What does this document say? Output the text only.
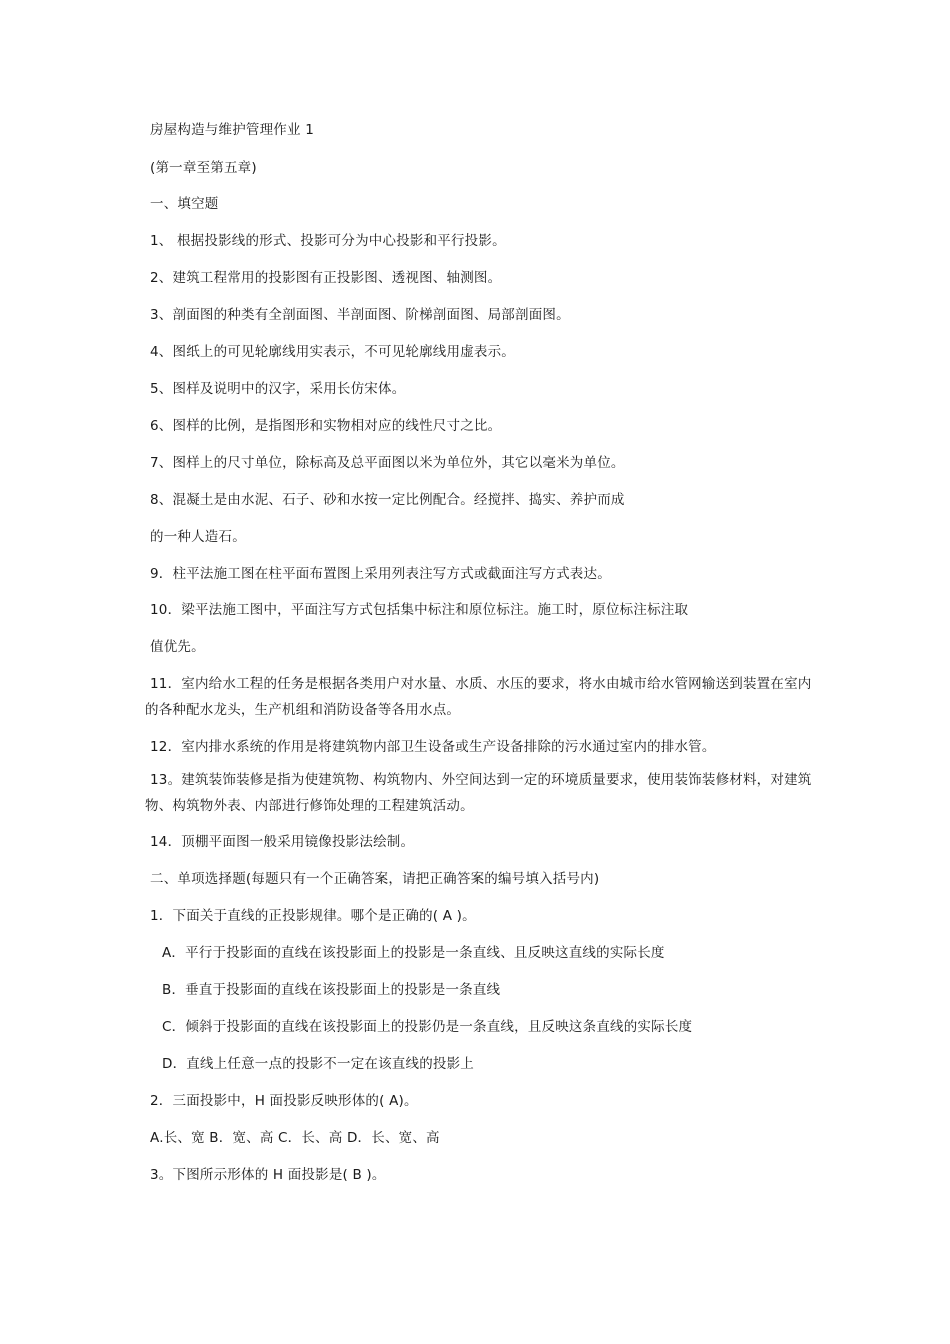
房屋构造与维护管理作业 1
(第一章至第五章)
一、填空题
1、 根据投影线的形式、投影可分为中心投影和平行投影。
2、建筑工程常用的投影图有正投影图、透视图、轴测图。
3、剖面图的种类有全剖面图、半剖面图、阶梯剖面图、局部剖面图。
4、图纸上的可见轮廓线用实表示，不可见轮廓线用虚表示。
5、图样及说明中的汉字，采用长仿宋体。
6、图样的比例，是指图形和实物相对应的线性尺寸之比。
7、图样上的尺寸单位，除标高及总平面图以米为单位外，其它以毫米为单位。
8、混凝土是由水泥、石子、砂和水按一定比例配合。经搅拌、捣实、养护而成
的一种人造石。
9．柱平法施工图在柱平面布置图上采用列表注写方式或截面注写方式表达。
10．梁平法施工图中，平面注写方式包括集中标注和原位标注。施工时，原位标注标注取
值优先。
11．室内给水工程的任务是根据各类用户对水量、水质、水压的要求，将水由城市给水管网输送到装置在室内的各种配水龙头，生产机组和消防设备等各用水点。
12．室内排水系统的作用是将建筑物内部卫生设备或生产设备排除的污水通过室内的排水管。
13。建筑装饰装修是指为使建筑物、构筑物内、外空间达到一定的环境质量要求，使用装饰装修材料，对建筑物、构筑物外表、内部进行修饰处理的工程建筑活动。
14．顶棚平面图一般采用镜像投影法绘制。
二、单项选择题(每题只有一个正确答案，请把正确答案的编号填入括号内)
1．下面关于直线的正投影规律。哪个是正确的( A )。
A．平行于投影面的直线在该投影面上的投影是一条直线、且反映这直线的实际长度
B．垂直于投影面的直线在该投影面上的投影是一条直线
C．倾斜于投影面的直线在该投影面上的投影仍是一条直线，且反映这条直线的实际长度
D．直线上任意一点的投影不一定在该直线的投影上
2．三面投影中，H 面投影反映形体的( A)。
A.长、宽 B．宽、高 C．长、高 D．长、宽、高
3。下图所示形体的 H 面投影是( B )。
